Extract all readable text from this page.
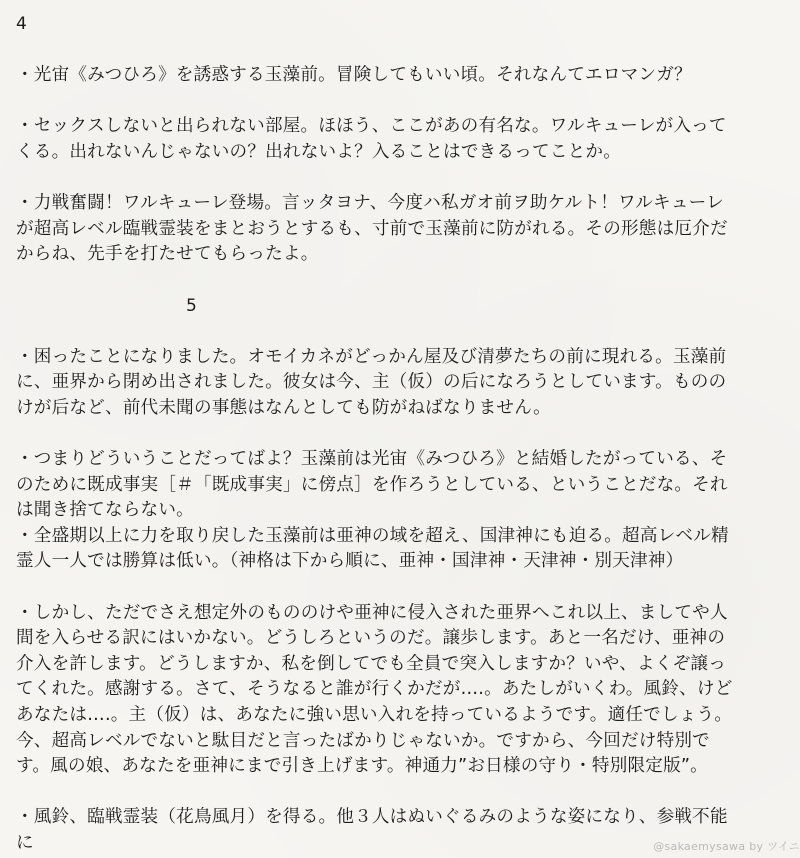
4
・光宙《みつひろ》を誘惑する玉藻前。冒険してもいい頃。それなんてエロマンガ？
・セックスしないと出られない部屋。ほほう、ここがあの有名な。ワルキューレが入って
くる。出れないんじゃないの？出れないよ？入ることはできるってことか。
・力戦奮闘！ワルキューレ登場。言ッタヨナ、今度ハ私ガオ前ヲ助ケルト！ワルキューレ
が超高レベル臨戦霊装をまとおうとするも、寸前で玉藻前に防がれる。その形態は厄介だ
からね、先手を打たせてもらったよ。
5
・困ったことになりました。オモイカネがどっかん屋及び清夢たちの前に現れる。玉藻前
に、亜界から閉め出されました。彼女は今、主（仮）の后になろうとしています。ものの
けが后など、前代未聞の事態はなんとしても防がねばなりません。
・つまりどういうことだってばよ？玉藻前は光宙《みつひろ》と結婚したがっている、そ
のために既成事実［＃「既成事実」に傍点］を作ろうとしている、ということだな。それ
は聞き捨てならない。
・全盛期以上に力を取り戻した玉藻前は亜神の域を超え、国津神にも迫る。超高レベル精
霊人一人では勝算は低い。（神格は下から順に、亜神・国津神・天津神・別天津神）
・しかし、ただでさえ想定外のもののけや亜神に侵入された亜界へこれ以上、ましてや人
間を入らせる訳にはいかない。どうしろというのだ。譲歩します。あと一名だけ、亜神の
介入を許します。どうしますか、私を倒してでも全員で突入しますか？いや、よくぞ譲っ
てくれた。感謝する。さて、そうなると誰が行くかだが….。あたしがいくわ。風鈴、けど
あなたは….。主（仮）は、あなたに強い思い入れを持っているようです。適任でしょう。
今、超高レベルでないと駄目だと言ったばかりじゃないか。ですから、今回だけ特別で
す。風の娘、あなたを亜神にまで引き上げます。神通力”お日様の守り・特別限定版”。
・風鈴、臨戦霊装（花鳥風月）を得る。他３人はぬいぐるみのような姿になり、参戦不能
に	@sakaemysawa by ツイニ
